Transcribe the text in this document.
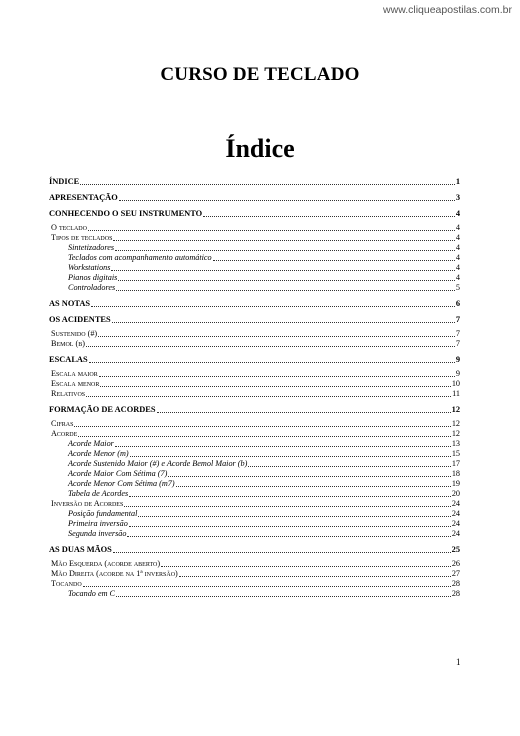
www.cliqueapostilas.com.br
CURSO DE TECLADO
Índice
ÍNDICE	1
APRESENTAÇÃO	3
CONHECENDO O SEU INSTRUMENTO	4
O teclado	4
Tipos de teclados	4
Sintetizadores	4
Teclados com acompanhamento automático	4
Workstations	4
Pianos digitais	4
Controladores	5
AS NOTAS	6
OS ACIDENTES	7
Sustenido (#)	7
Bemol (b)	7
ESCALAS	9
Escala maior	9
Escala menor	10
Relativos	11
FORMAÇÃO DE ACORDES	12
Cifras	12
Acorde	12
Acorde Maior	13
Acorde Menor (m)	15
Acorde Sustenido Maior (#) e Acorde Bemol Maior (b)	17
Acorde Maior Com Sétima (7)	18
Acorde Menor Com Sétima (m7)	19
Tabela de Acordes	20
Inversão de Acordes	24
Posição fundamental	24
Primeira inversão	24
Segunda inversão	24
AS DUAS MÃOS	25
Mão Esquerda (acorde aberto)	26
Mão Direita (acorde na 1ª inversão)	27
Tocando	28
Tocando em C	28
1
